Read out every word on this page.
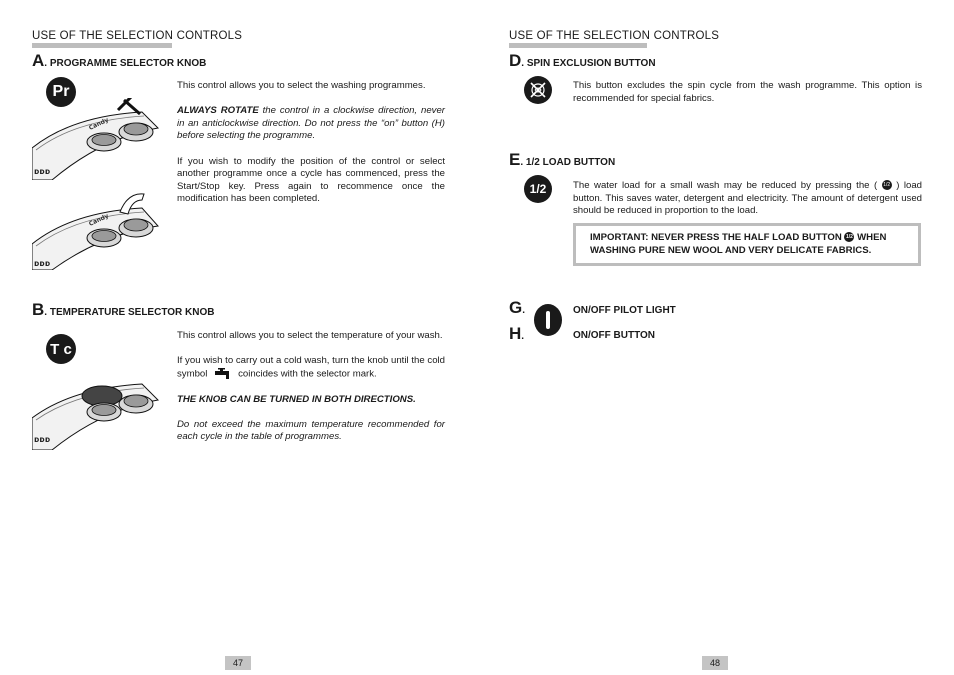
USE OF THE SELECTION CONTROLS
A. PROGRAMME SELECTOR KNOB
Pr
Candy
ᴅᴅᴅ
Candy
ᴅᴅᴅ

This control allows you to select the washing programmes.

ALWAYS ROTATE the control in a clockwise direction, never in an anticlockwise direction. Do not press the “on” button (H) before selecting the programme.

If you wish to modify the position of the control or select another programme once a cycle has commenced, press the Start/Stop key. Press again to recommence once the modification has been completed.

B. TEMPERATURE SELECTOR KNOB
T c
ᴅᴅᴅ

This control allows you to select the temperature of your wash.

If you wish to carry out a cold wash, turn the knob until the cold symbol	coincides with the selector mark.

THE KNOB CAN BE TURNED IN BOTH DIRECTIONS.

Do not exceed the maximum temperature recommended for each cycle in the table of programmes.

47
USE OF THE SELECTION CONTROLS
D. SPIN EXCLUSION BUTTON

This button excludes the spin cycle from the wash programme. This option is recommended for special fabrics.

E. 1/2 LOAD BUTTON
1/2	The water load for a small wash may be reduced by pressing the ( 1/2 ) load button. This saves water, detergent and electricity. The amount of detergent used should be reduced in proportion to the load.

IMPORTANT: NEVER PRESS THE HALF LOAD BUTTON 1/2 WHEN WASHING PURE NEW WOOL AND VERY DELICATE FABRICS.
G.
H.
ON/OFF PILOT LIGHT
ON/OFF BUTTON
48
